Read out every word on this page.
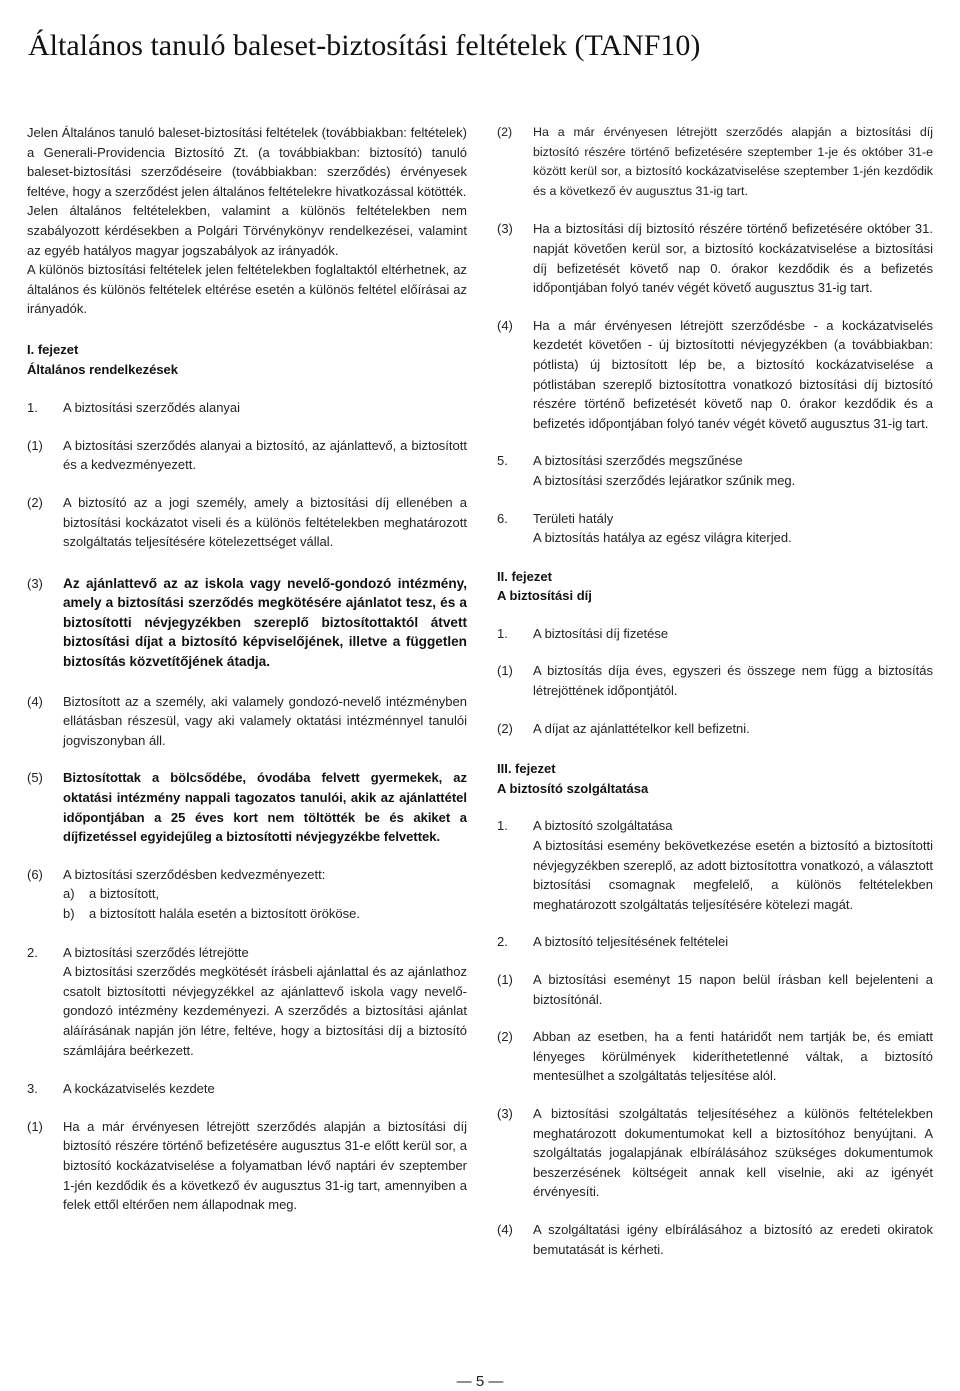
Általános tanuló baleset-biztosítási feltételek (TANF10)

Jelen Általános tanuló baleset-biztosítási feltételek (továbbiakban: feltételek) a Generali-Providencia Biztosító Zt. (a továbbiakban: biztosító) tanuló baleset-biztosítási szerződéseire (továbbiakban: szerződés) érvényesek feltéve, hogy a szerződést jelen általános feltételekre hivatkozással kötötték.

Jelen általános feltételekben, valamint a különös feltételekben nem szabályozott kérdésekben a Polgári Törvénykönyv rendelkezései, valamint az egyéb hatályos magyar jogszabályok az irányadók.

A különös biztosítási feltételek jelen feltételekben foglaltaktól eltérhetnek, az általános és különös feltételek eltérése esetén a különös feltétel előírásai az irányadók.

I. fejezet
Általános rendelkezések
1.	A biztosítási szerződés alanyai
(1)	A biztosítási szerződés alanyai a biztosító, az ajánlattevő, a biztosított és a kedvezményezett.
(2)	A biztosító az a jogi személy, amely a biztosítási díj ellenében a biztosítási kockázatot viseli és a különös feltételekben meghatározott szolgáltatás teljesítésére kötelezettséget vállal.
(3)	Az ajánlattevő az az iskola vagy nevelő-gondozó intézmény, amely a biztosítási szerződés megkötésére ajánlatot tesz, és a biztosítotti névjegyzékben szereplő biztosítottaktól átvett biztosítási díjat a biztosító képviselőjének, illetve a független biztosítás közvetítőjének átadja.
(4)	Biztosított az a személy, aki valamely gondozó-nevelő intézményben ellátásban részesül, vagy aki valamely oktatási intézménnyel tanulói jogviszonyban áll.
(5)	Biztosítottak a bölcsődébe, óvodába felvett gyermekek, az oktatási intézmény nappali tagozatos tanulói, akik az ajánlattétel időpontjában a 25 éves kort nem töltötték be és akiket a díjfizetéssel egyidejűleg a biztosítotti névjegyzékbe felvettek.
(6)	A biztosítási szerződésben kedvezményezett:
a)	a biztosított,
b)	a biztosított halála esetén a biztosított örököse.
2.	A biztosítási szerződés létrejötte

A biztosítási szerződés megkötését írásbeli ajánlattal és az ajánlathoz csatolt biztosítotti névjegyzékkel az ajánlattevő iskola vagy nevelő-gondozó intézmény kezdeményezi. A szerződés a biztosítási ajánlat aláírásának napján jön létre, feltéve, hogy a biztosítási díj a biztosító számlájára beérkezett.

3.	A kockázatviselés kezdete
(1)	Ha a már érvényesen létrejött szerződés alapján a biztosítási díj biztosító részére történő befizetésére augusztus 31-e előtt kerül sor, a biztosító kockázatviselése a folyamatban lévő naptári év szeptember 1-jén kezdődik és a következő év augusztus 31-ig tart, amennyiben a felek ettől eltérően nem állapodnak meg.
(2)	Ha a már érvényesen létrejött szerződés alapján a biztosítási díj biztosító részére történő befizetésére szeptember 1-je és október 31-e között kerül sor, a biztosító kockázatviselése szeptember 1-jén kezdődik és a következő év augusztus 31-ig tart.
(3)	Ha a biztosítási díj biztosító részére történő befizetésére október 31. napját követően kerül sor, a biztosító kockázatviselése a biztosítási díj befizetését követő nap 0. órakor kezdődik és a befizetés időpontjában folyó tanév végét követő augusztus 31-ig tart.
(4)	Ha a már érvényesen létrejött szerződésbe - a kockázatviselés kezdetét követően - új biztosítotti névjegyzékben (a továbbiakban: pótlista) új biztosított lép be, a biztosító kockázatviselése a pótlistában szereplő biztosítottra vonatkozó biztosítási díj biztosító részére történő befizetését követő nap 0. órakor kezdődik és a befizetés időpontjában folyó tanév végét követő augusztus 31-ig tart.
5.	A biztosítási szerződés megszűnése

A biztosítási szerződés lejáratkor szűnik meg.

6.	Területi hatály

A biztosítás hatálya az egész világra kiterjed.

II. fejezet
A biztosítási díj
1.	A biztosítási díj fizetése
(1)	A biztosítás díja éves, egyszeri és összege nem függ a biztosítás létrejöttének időpontjától.
(2)	A díjat az ajánlattételkor kell befizetni.
III. fejezet
A biztosító szolgáltatása
1.	A biztosító szolgáltatása

A biztosítási esemény bekövetkezése esetén a biztosító a biztosítotti névjegyzékben szereplő, az adott biztosítottra vonatkozó, a választott biztosítási csomagnak megfelelő, a különös feltételekben meghatározott szolgáltatás teljesítésére kötelezi magát.

2.	A biztosító teljesítésének feltételei
(1)	A biztosítási eseményt 15 napon belül írásban kell bejelenteni a biztosítónál.
(2)	Abban az esetben, ha a fenti határidőt nem tartják be, és emiatt lényeges körülmények kideríthetetlenné váltak, a biztosító mentesülhet a szolgáltatás teljesítése alól.
(3)	A biztosítási szolgáltatás teljesítéséhez a különös feltételekben meghatározott dokumentumokat kell a biztosítóhoz benyújtani. A szolgáltatás jogalapjának elbírálásához szükséges dokumentumok beszerzésének költségeit annak kell viselnie, aki az igényét érvényesíti.
(4)	A szolgáltatási igény elbírálásához a biztosító az eredeti okiratok bemutatását is kérheti.
— 5 —
